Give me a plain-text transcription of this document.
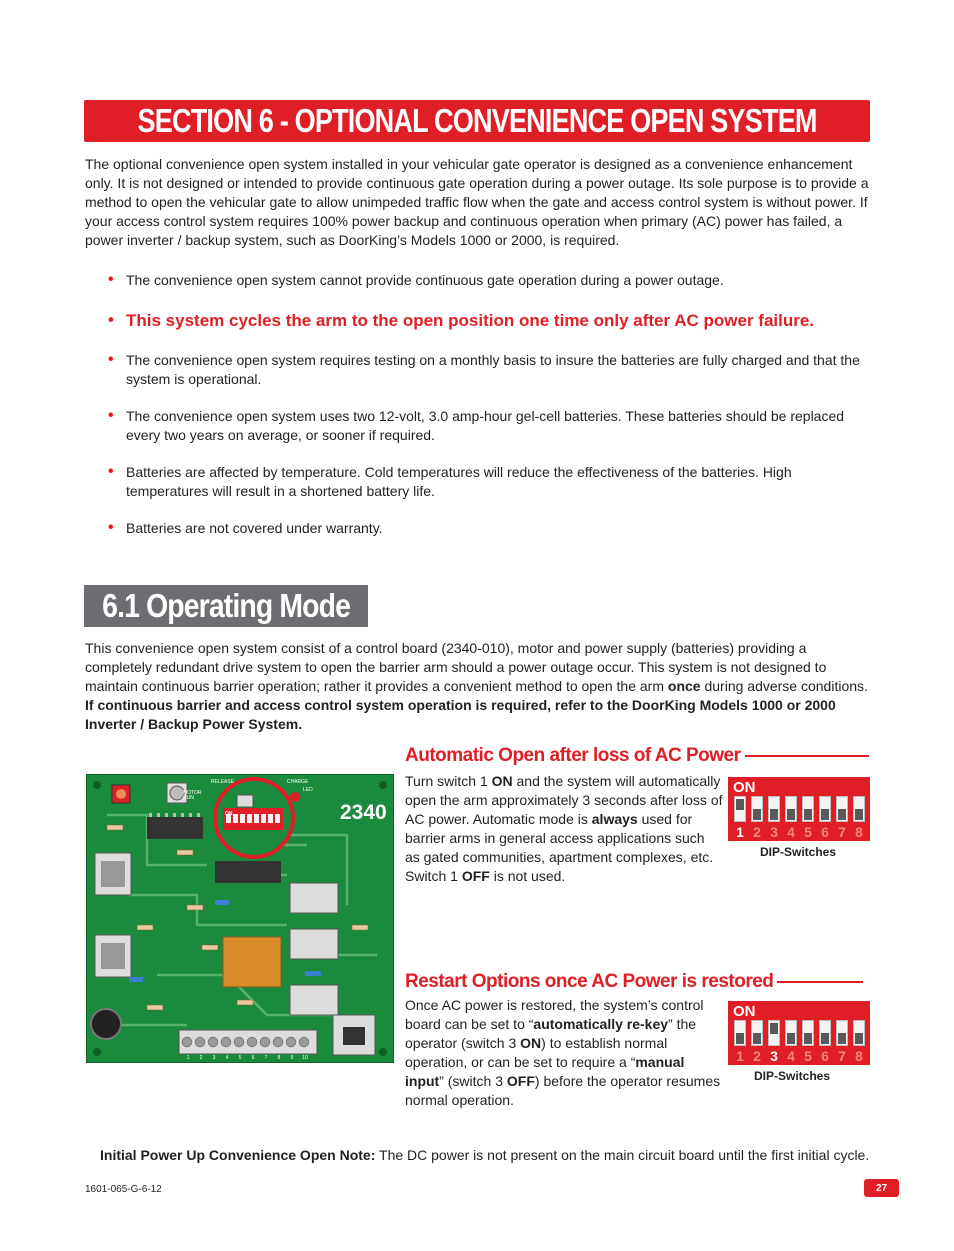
SECTION 6 - OPTIONAL CONVENIENCE OPEN SYSTEM
The optional convenience open system installed in your vehicular gate operator is designed as a convenience enhancement only. It is not designed or intended to provide continuous gate operation during a power outage. Its sole purpose is to provide a method to open the vehicular gate to allow unimpeded traffic flow when the gate and access control system is without power. If your access control system requires 100% power backup and continuous operation when primary (AC) power has failed, a power inverter / backup system, such as DoorKing’s Models 1000 or 2000, is required.
• The convenience open system cannot provide continuous gate operation during a power outage.
• This system cycles the arm to the open position one time only after AC power failure.
• The convenience open system requires testing on a monthly basis to insure the batteries are fully charged and that the system is operational.
• The convenience open system uses two 12-volt, 3.0 amp-hour gel-cell batteries. These batteries should be replaced every two years on average, or sooner if required.
• Batteries are affected by temperature. Cold temperatures will reduce the effectiveness of the batteries. High temperatures will result in a shortened battery life.
• Batteries are not covered under warranty.
6.1 Operating Mode
This convenience open system consist of a control board (2340-010), motor and power supply (batteries) providing a completely redundant drive system to open the barrier arm should a power outage occur. This system is not designed to maintain continuous barrier operation; rather it provides a convenient method to open the arm once during adverse conditions.
If continuous barrier and access control system operation is required, refer to the DoorKing Models 1000 or 2000 Inverter / Backup Power System.
2340
MOTOR RUN
RELEASE	CHARGE
LED
ON
1	2	3	4	5	6	7	8	9	10
Automatic Open after loss of AC Power
Turn switch 1 ON and the system will automatically open the arm approximately 3 seconds after loss of AC power. Automatic mode is always used for barrier arms in general access applications such as gated communities, apartment complexes, etc. Switch 1 OFF is not used.
ON
1 2 3 4 5 6 7 8
DIP-Switches
Restart Options once AC Power is restored
Once AC power is restored, the system’s control board can be set to “automatically re-key” the operator (switch 3 ON) to establish normal operation, or can be set to require a “manual input” (switch 3 OFF) before the operator resumes normal operation.
ON
1 2 3 4 5 6 7 8
DIP-Switches
Initial Power Up Convenience Open Note: The DC power is not present on the main circuit board until the first initial cycle.
1601-065-G-6-12	27
